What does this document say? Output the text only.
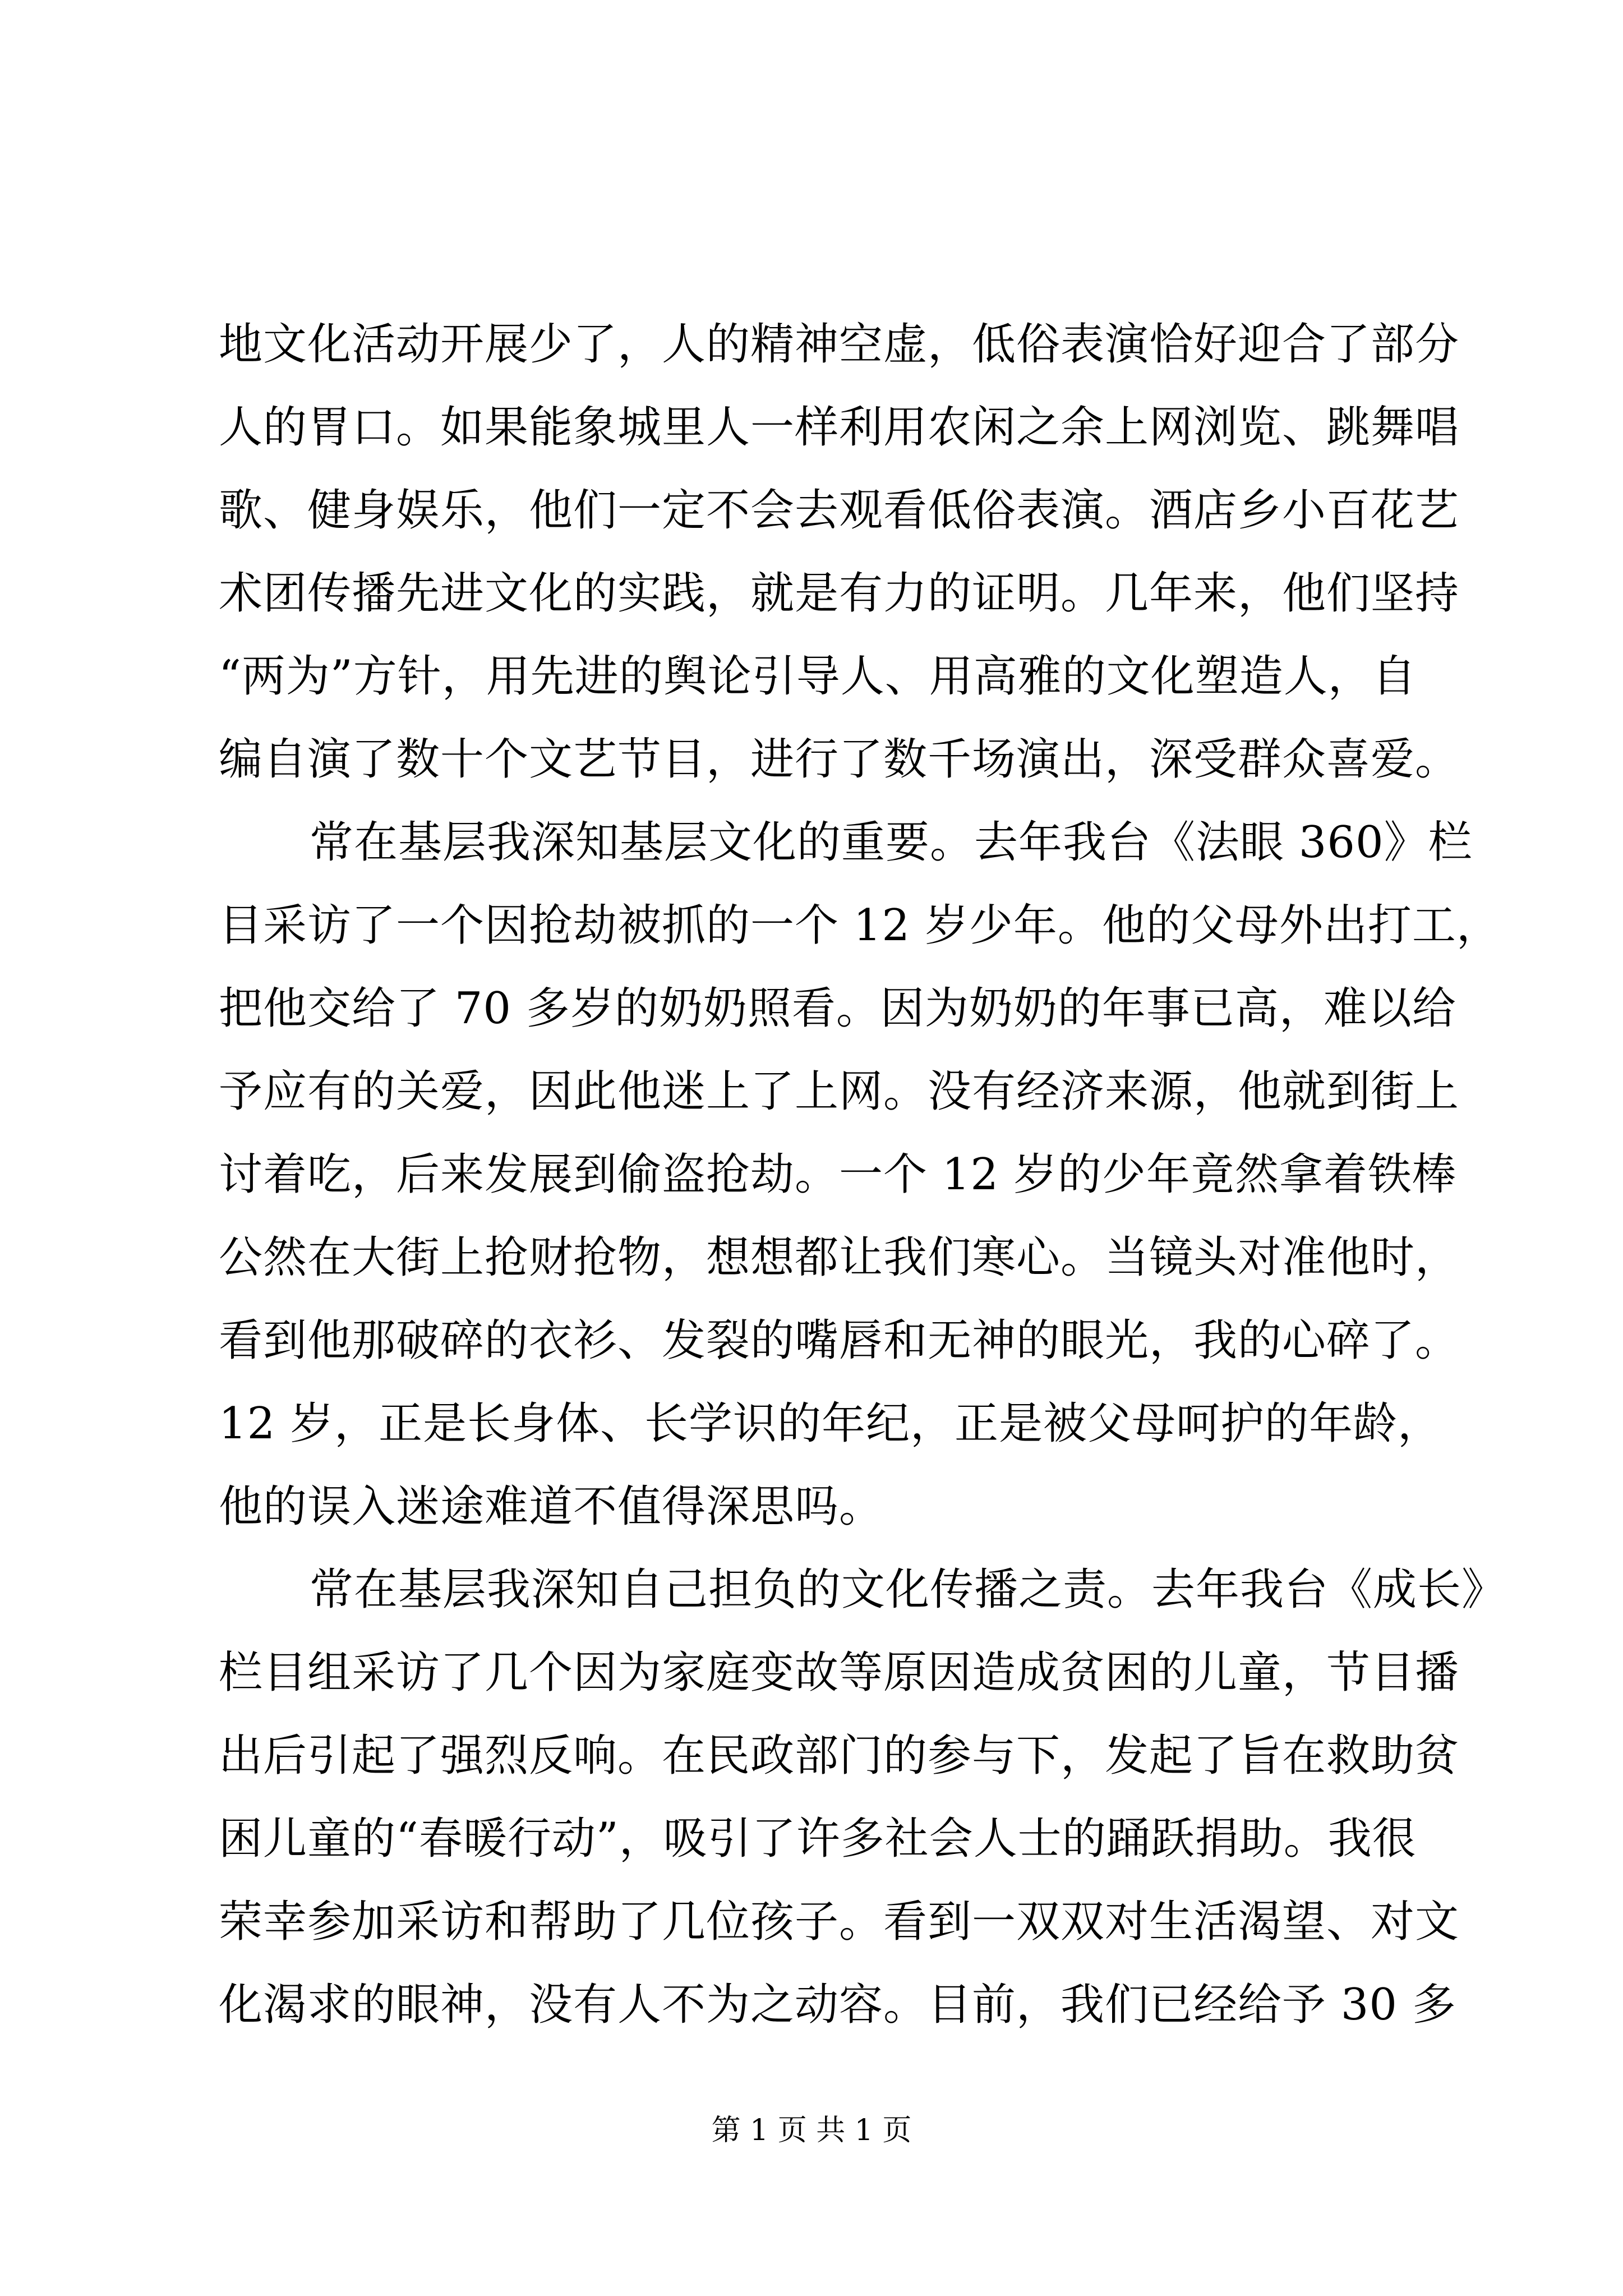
地文化活动开展少了，人的精神空虚，低俗表演恰好迎合了部分
人的胃口。如果能象城里人一样利用农闲之余上网浏览、跳舞唱
歌、健身娱乐，他们一定不会去观看低俗表演。酒店乡小百花艺
术团传播先进文化的实践，就是有力的证明。几年来，他们坚持
“两为”方针，用先进的舆论引导人、用高雅的文化塑造人，自
编自演了数十个文艺节目，进行了数千场演出，深受群众喜爱。
常在基层我深知基层文化的重要。去年我台《法眼 360》栏
目采访了一个因抢劫被抓的一个 12 岁少年。他的父母外出打工，
把他交给了 70 多岁的奶奶照看。因为奶奶的年事已高，难以给
予应有的关爱，因此他迷上了上网。没有经济来源，他就到街上
讨着吃，后来发展到偷盗抢劫。一个 12 岁的少年竟然拿着铁棒
公然在大街上抢财抢物，想想都让我们寒心。当镜头对准他时，
看到他那破碎的衣衫、发裂的嘴唇和无神的眼光，我的心碎了。
12 岁，正是长身体、长学识的年纪，正是被父母呵护的年龄，
他的误入迷途难道不值得深思吗。
常在基层我深知自己担负的文化传播之责。去年我台《成长》
栏目组采访了几个因为家庭变故等原因造成贫困的儿童，节目播
出后引起了强烈反响。在民政部门的参与下，发起了旨在救助贫
困儿童的“春暖行动”，吸引了许多社会人士的踊跃捐助。我很
荣幸参加采访和帮助了几位孩子。看到一双双对生活渴望、对文
化渴求的眼神，没有人不为之动容。目前，我们已经给予 30 多
第 1 页 共 1 页
